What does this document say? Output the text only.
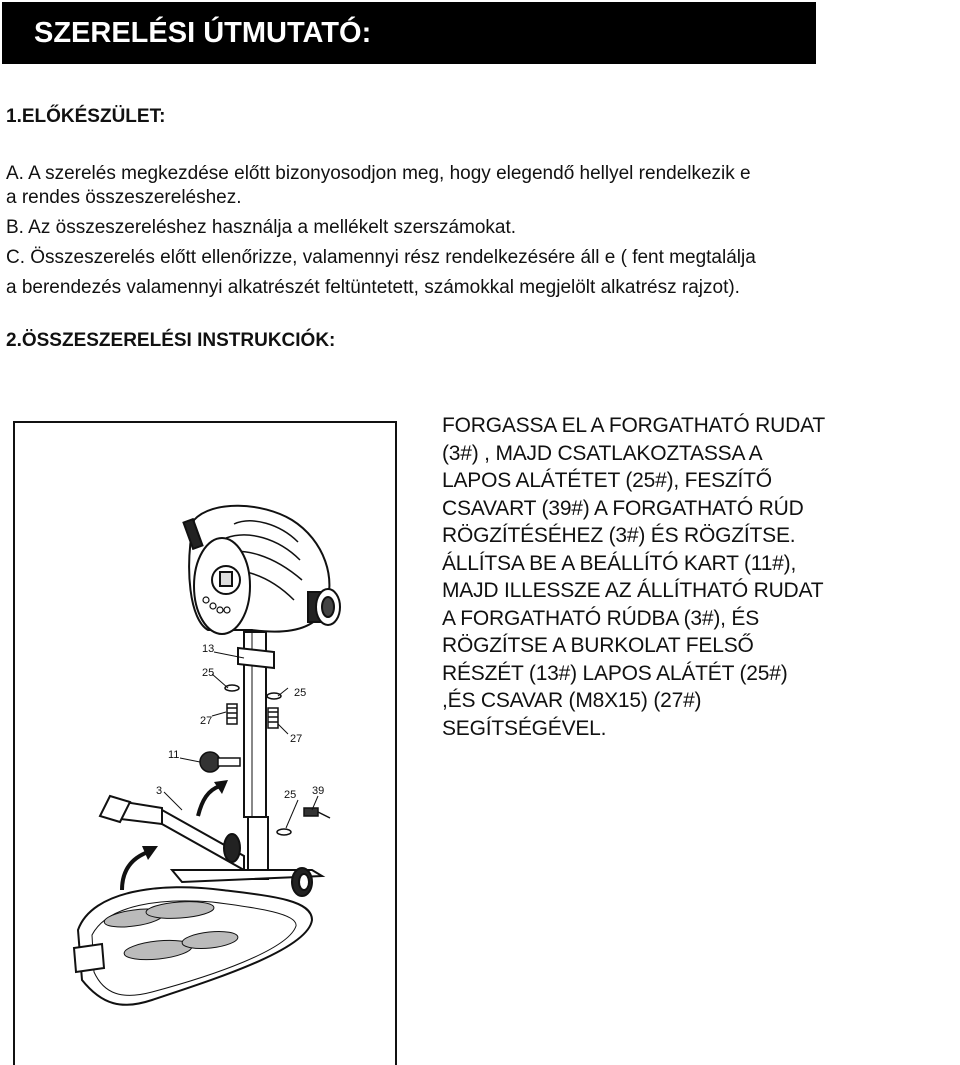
SZERELÉSI ÚTMUTATÓ:
1.ELŐKÉSZÜLET:
A. A szerelés megkezdése előtt bizonyosodjon meg, hogy elegendő hellyel rendelkezik e
a rendes összeszereléshez.
B. Az összeszereléshez használja a mellékelt szerszámokat.
C. Összeszerelés előtt ellenőrizze, valamennyi rész rendelkezésére áll e ( fent megtalálja
a berendezés valamennyi alkatrészét feltüntetett, számokkal megjelölt alkatrész rajzot).
2.ÖSSZESZERELÉSI INSTRUKCIÓK:
13
25
27
25
27
11
3	25 39
FORGASSA EL A FORGATHATÓ RUDAT
(3#) , MAJD CSATLAKOZTASSA A
LAPOS ALÁTÉTET (25#), FESZÍTŐ
CSAVART (39#) A FORGATHATÓ RÚD
RÖGZÍTÉSÉHEZ (3#) ÉS RÖGZÍTSE.
ÁLLÍTSA BE A BEÁLLÍTÓ KART (11#),
MAJD ILLESSZE AZ ÁLLÍTHATÓ RUDAT
A FORGATHATÓ RÚDBA (3#), ÉS
RÖGZÍTSE A BURKOLAT FELSŐ
RÉSZÉT (13#) LAPOS ALÁTÉT (25#)
,ÉS CSAVAR (M8X15) (27#)
SEGÍTSÉGÉVEL.
